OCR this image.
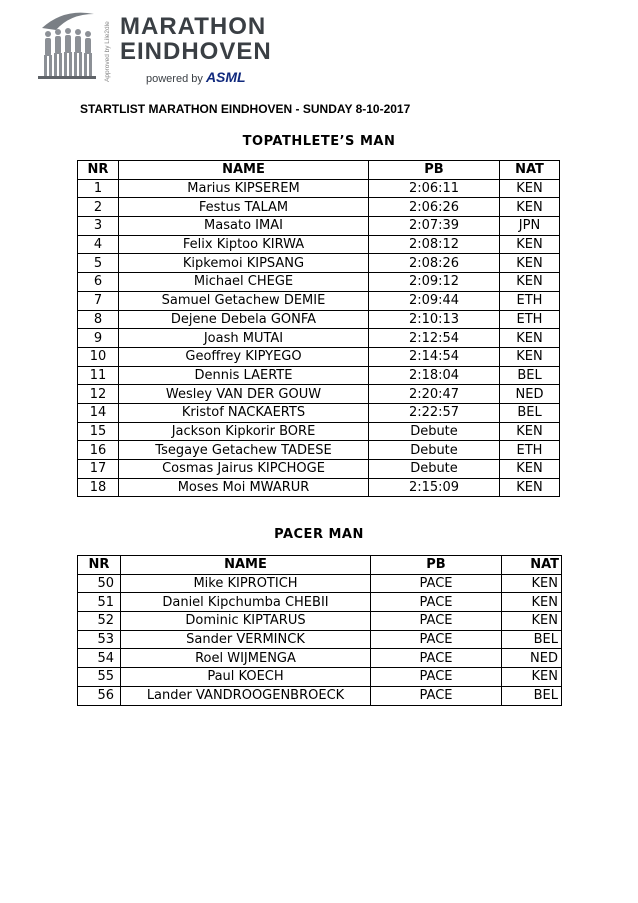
Approved by Lile2dle MARATHON
EINDHOVEN
powered by ASML
STARTLIST MARATHON EINDHOVEN - SUNDAY 8-10-2017
TOPATHLETE’S MAN
NR	NAME	PB	NAT
1	Marius KIPSEREM	2:06:11	KEN
2	Festus TALAM	2:06:26	KEN
3	Masato IMAI	2:07:39	JPN
4	Felix Kiptoo KIRWA	2:08:12	KEN
5	Kipkemoi KIPSANG	2:08:26	KEN
6	Michael CHEGE	2:09:12	KEN
7	Samuel Getachew DEMIE	2:09:44	ETH
8	Dejene Debela GONFA	2:10:13	ETH
9	Joash MUTAI	2:12:54	KEN
10	Geoffrey KIPYEGO	2:14:54	KEN
11	Dennis LAERTE	2:18:04	BEL
12	Wesley VAN DER GOUW	2:20:47	NED
14	Kristof NACKAERTS	2:22:57	BEL
15	Jackson Kipkorir BORE	Debute	KEN
16	Tsegaye Getachew TADESE	Debute	ETH
17	Cosmas Jairus KIPCHOGE	Debute	KEN
18	Moses Moi MWARUR	2:15:09	KEN
PACER MAN
NR	NAME	PB	NAT
50	Mike KIPROTICH	PACE	KEN
51	Daniel Kipchumba CHEBII	PACE	KEN
52	Dominic KIPTARUS	PACE	KEN
53	Sander VERMINCK	PACE	BEL
54	Roel WIJMENGA	PACE	NED
55	Paul KOECH	PACE	KEN
56	Lander VANDROOGENBROECK	PACE	BEL
